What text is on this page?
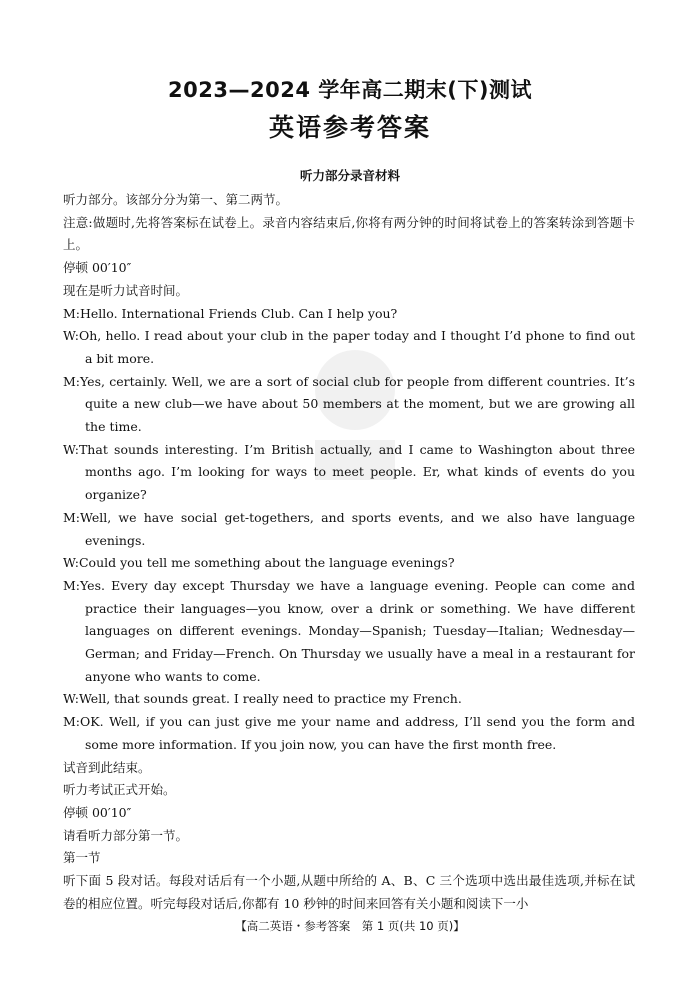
2023—2024 学年高二期末(下)测试
英语参考答案
听力部分录音材料

听力部分。该部分分为第一、第二两节。

注意:做题时,先将答案标在试卷上。录音内容结束后,你将有两分钟的时间将试卷上的答案转涂到答题卡上。

停顿 00′10″

现在是听力试音时间。

M:Hello. International Friends Club. Can I help you?

W:Oh, hello. I read about your club in the paper today and I thought I’d phone to find out a bit more.

M:Yes, certainly. Well, we are a sort of social club for people from different countries. It’s quite a new club—we have about 50 members at the moment, but we are growing all the time.

W:That sounds interesting. I’m British actually, and I came to Washington about three months ago. I’m looking for ways to meet people. Er, what kinds of events do you organize?

M:Well, we have social get-togethers, and sports events, and we also have language evenings.

W:Could you tell me something about the language evenings?

M:Yes. Every day except Thursday we have a language evening. People can come and practice their languages—you know, over a drink or something. We have different languages on different evenings. Monday—Spanish; Tuesday—Italian; Wednesday—German; and Friday—French. On Thursday we usually have a meal in a restaurant for anyone who wants to come.

W:Well, that sounds great. I really need to practice my French.

M:OK. Well, if you can just give me your name and address, I’ll send you the form and some more information. If you join now, you can have the first month free.

试音到此结束。

听力考试正式开始。

停顿 00′10″

请看听力部分第一节。

第一节

听下面 5 段对话。每段对话后有一个小题,从题中所给的 A、B、C 三个选项中选出最佳选项,并标在试卷的相应位置。听完每段对话后,你都有 10 秒钟的时间来回答有关小题和阅读下一小

【高二英语・参考答案　第 1 页(共 10 页)】
